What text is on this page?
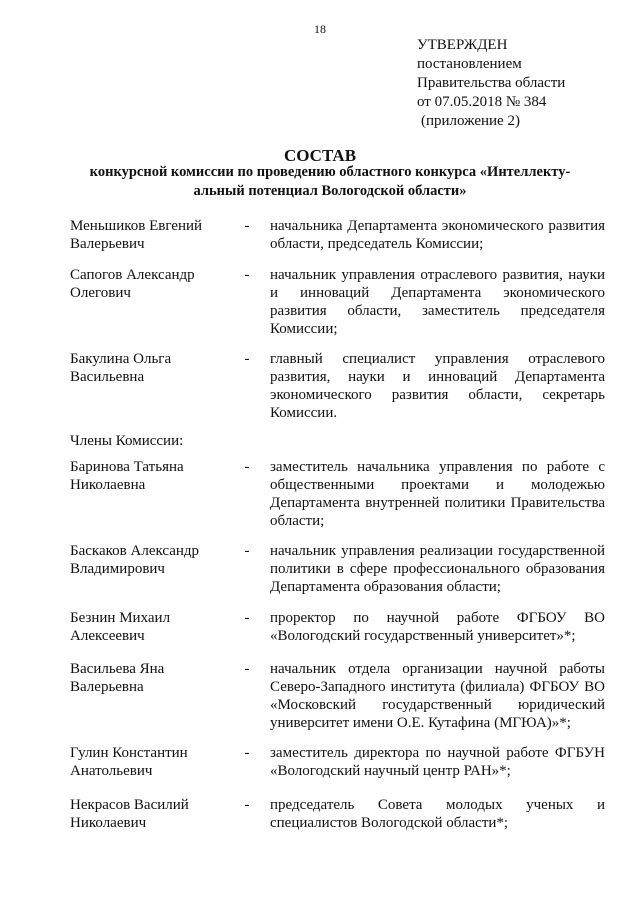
18
УТВЕРЖДЕН
постановлением
Правительства области
от 07.05.2018 № 384
(приложение 2)
СОСТАВ
конкурсной комиссии по проведению областного конкурса «Интеллекту-
альный потенциал Вологодской области»
Меньшиков Евгений Валерьевич
- начальника Департамента экономического развития области, председатель Комиссии;
Сапогов Александр Олегович
- начальник управления отраслевого развития, науки и инноваций Департамента экономического развития области, заместитель председателя Комиссии;
Бакулина Ольга Васильевна
- главный специалист управления отраслевого развития, науки и инноваций Департамента экономического развития области, секретарь Комиссии.
Члены Комиссии:
Баринова Татьяна Николаевна
- заместитель начальника управления по работе с общественными проектами и молодежью Департамента внутренней политики Правительства области;
Баскаков Александр Владимирович
- начальник управления реализации государственной политики в сфере профессионального образования Департамента образования области;
Безнин Михаил Алексеевич
- проректор по научной работе ФГБОУ ВО «Вологодский государственный университет»*;
Васильева Яна Валерьевна
- начальник отдела организации научной работы Северо-Западного института (филиала) ФГБОУ ВО «Московский государственный юридический университет имени О.Е. Кутафина (МГЮА)»*;
Гулин Константин Анатольевич
- заместитель директора по научной работе ФГБУН «Вологодский научный центр РАН»*;
Некрасов Василий Николаевич
- председатель Совета молодых ученых и специалистов Вологодской области*;
